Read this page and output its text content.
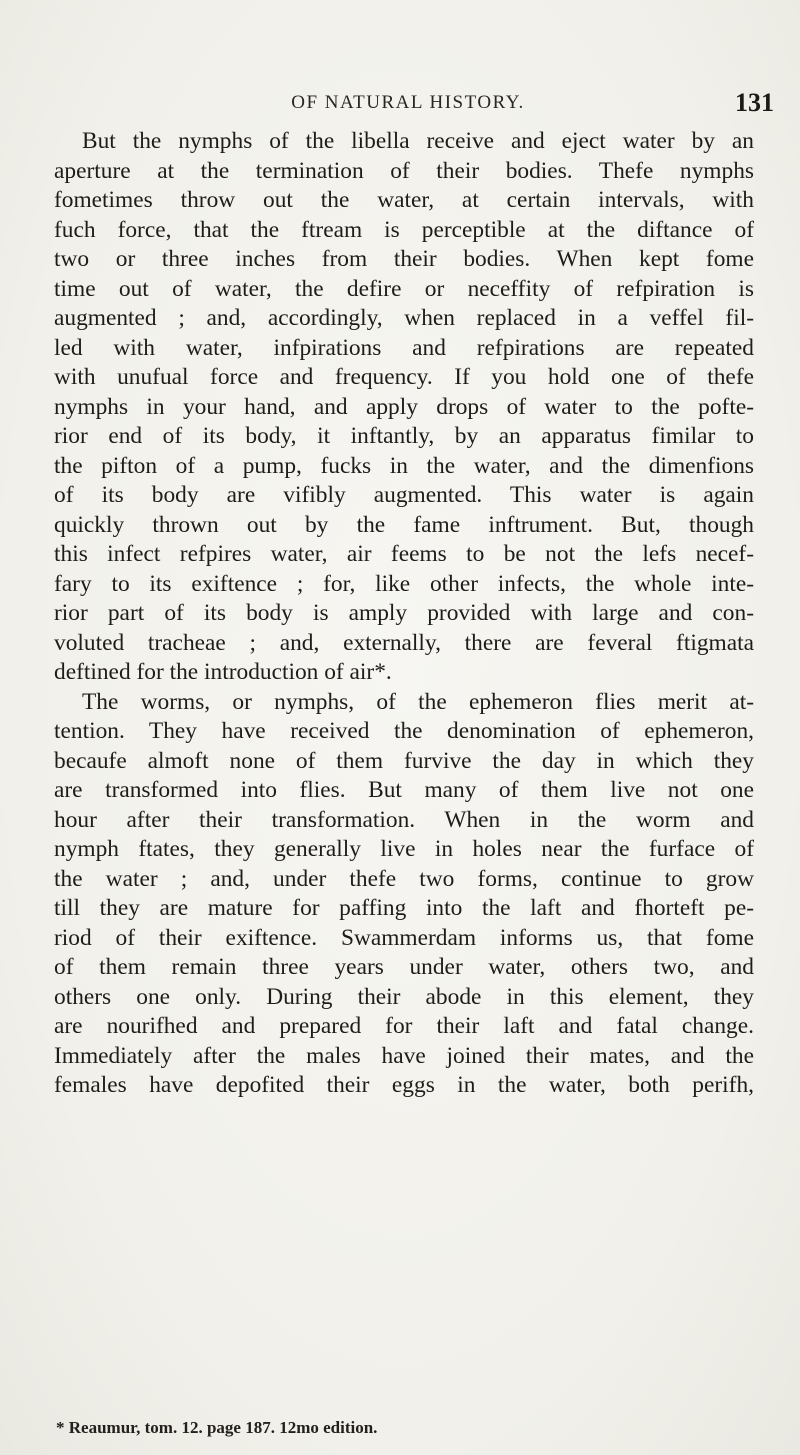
OF NATURAL HISTORY.	131
But the nymphs of the libella receive and eject water by an
aperture at the termination of their bodies. Thefe nymphs
fometimes throw out the water, at certain intervals, with
fuch force, that the ftream is perceptible at the diftance of
two or three inches from their bodies. When kept fome
time out of water, the defire or neceffity of refpiration is
augmented ; and, accordingly, when replaced in a veffel fil-
led with water, infpirations and refpirations are repeated
with unufual force and frequency. If you hold one of thefe
nymphs in your hand, and apply drops of water to the pofte-
rior end of its body, it inftantly, by an apparatus fimilar to
the pifton of a pump, fucks in the water, and the dimenfions
of its body are vifibly augmented. This water is again
quickly thrown out by the fame inftrument. But, though
this infect refpires water, air feems to be not the lefs necef-
fary to its exiftence ; for, like other infects, the whole inte-
rior part of its body is amply provided with large and con-
voluted tracheae ; and, externally, there are feveral ftigmata
deftined for the introduction of air*.
The worms, or nymphs, of the ephemeron flies merit at-
tention. They have received the denomination of ephemeron,
becaufe almoft none of them furvive the day in which they
are transformed into flies. But many of them live not one
hour after their transformation. When in the worm and
nymph ftates, they generally live in holes near the furface of
the water ; and, under thefe two forms, continue to grow
till they are mature for paffing into the laft and fhorteft pe-
riod of their exiftence. Swammerdam informs us, that fome
of them remain three years under water, others two, and
others one only. During their abode in this element, they
are nourifhed and prepared for their laft and fatal change.
Immediately after the males have joined their mates, and the
females have depofited their eggs in the water, both perifh,
* Reaumur, tom. 12. page 187. 12mo edition.
